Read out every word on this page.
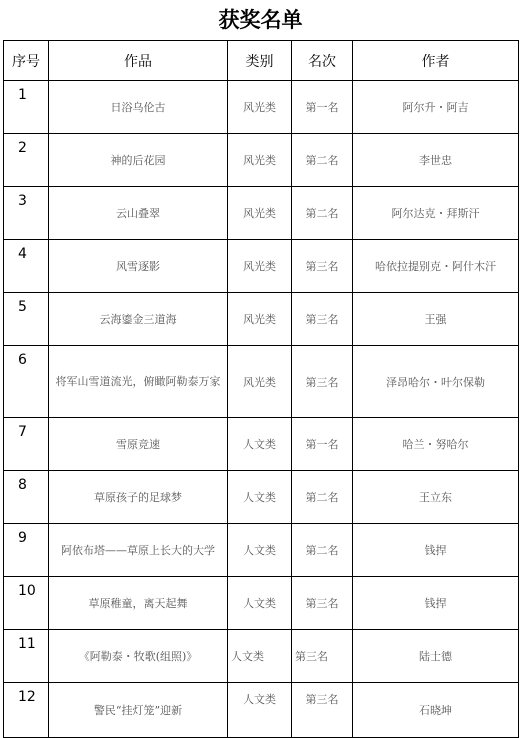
获奖名单
序号	作品	类别	名次	作者
1	日浴乌伦古	风光类	第一名	阿尔升・阿吉
2	神的后花园	风光类	第二名	李世忠
3	云山叠翠	风光类	第二名	阿尔达克・拜斯汗
4	风雪逐影	风光类	第三名	哈依拉提别克・阿什木汗
5	云海鎏金三道海	风光类	第三名	王强
6	将军山雪道流光，俯瞰阿勒泰万家	风光类	第三名	泽昂哈尔・叶尔保勒
7	雪原竞速	人文类	第一名	哈兰・努哈尔
8	草原孩子的足球梦	人文类	第二名	王立东
9	阿依布塔——草原上长大的大学	人文类	第二名	钱捍
10	草原稚童，离天起舞	人文类	第三名	钱捍
11	《阿勒泰・牧歌(组照)》	人文类	第三名	陆士德
12	警民“挂灯笼”迎新	人文类	第三名	石晓坤
